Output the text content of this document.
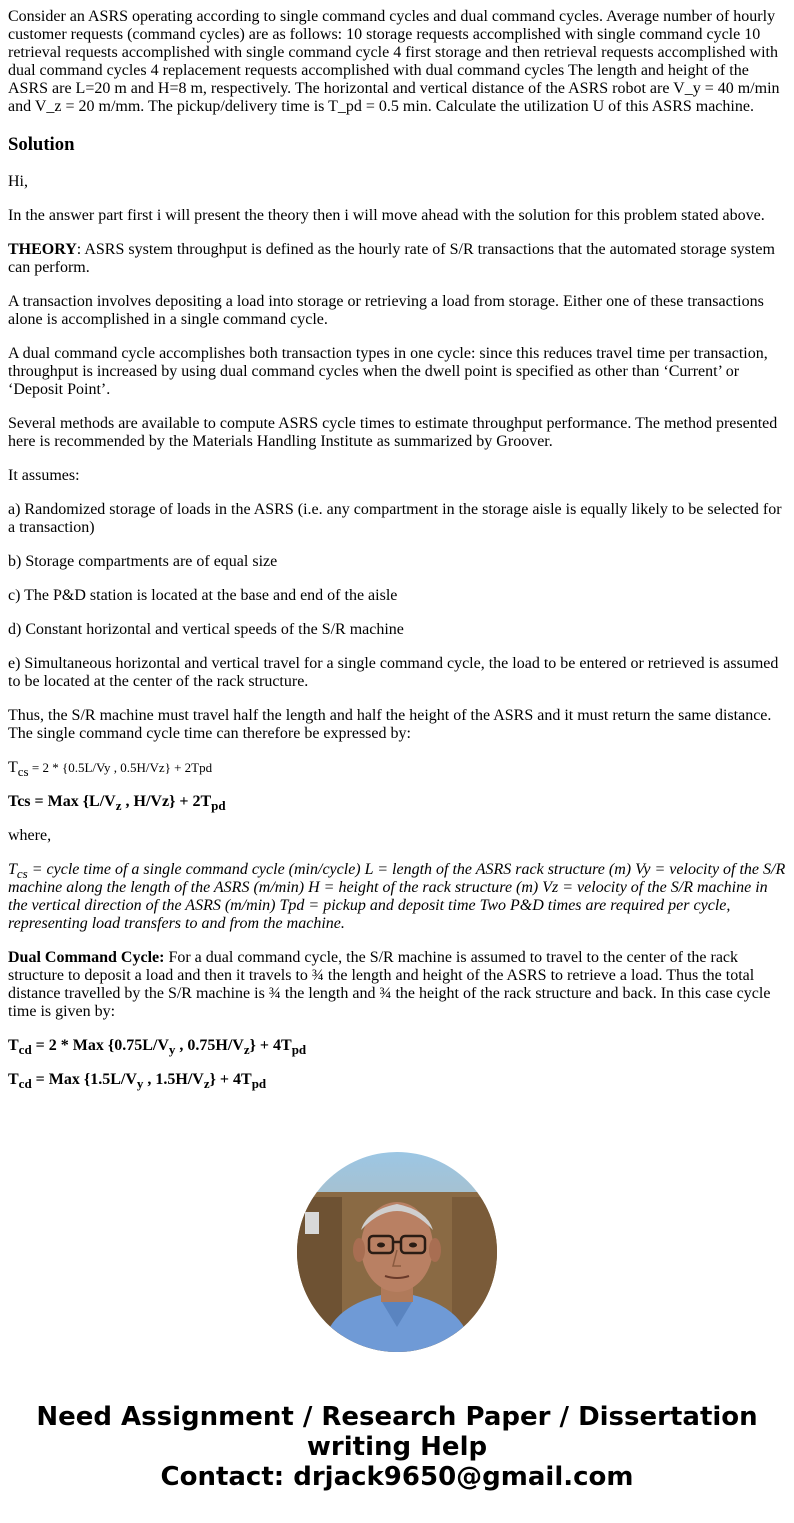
Consider an ASRS operating according to single command cycles and dual command cycles. Average number of hourly customer requests (command cycles) are as follows: 10 storage requests accomplished with single command cycle 10 retrieval requests accomplished with single command cycle 4 first storage and then retrieval requests accomplished with dual command cycles 4 replacement requests accomplished with dual command cycles The length and height of the ASRS are L=20 m and H=8 m, respectively. The horizontal and vertical distance of the ASRS robot are V_y = 40 m/min and V_z = 20 m/mm. The pickup/delivery time is T_pd = 0.5 min. Calculate the utilization U of this ASRS machine.

Solution

Hi,

In the answer part first i will present the theory then i will move ahead with the solution for this problem stated above.

THEORY: ASRS system throughput is defined as the hourly rate of S/R transactions that the automated storage system can perform.

A transaction involves depositing a load into storage or retrieving a load from storage. Either one of these transactions alone is accomplished in a single command cycle.

A dual command cycle accomplishes both transaction types in one cycle: since this reduces travel time per transaction, throughput is increased by using dual command cycles when the dwell point is specified as other than ‘Current’ or ‘Deposit Point’.

Several methods are available to compute ASRS cycle times to estimate throughput performance. The method presented here is recommended by the Materials Handling Institute as summarized by Groover.

It assumes:

a) Randomized storage of loads in the ASRS (i.e. any compartment in the storage aisle is equally likely to be selected for a transaction)

b) Storage compartments are of equal size

c) The P&D station is located at the base and end of the aisle

d) Constant horizontal and vertical speeds of the S/R machine

e) Simultaneous horizontal and vertical travel for a single command cycle, the load to be entered or retrieved is assumed to be located at the center of the rack structure.

Thus, the S/R machine must travel half the length and half the height of the ASRS and it must return the same distance. The single command cycle time can therefore be expressed by:

$T_{cs} = 2 * \{0.5L/Vy$ , 0.5H/Vz} + 2Tpd

Tcs = Max {$L/V_z$ , $H/Vz\} + 2T_{pd}$

where,

$T_{cs}$ = cycle time of a single command cycle (min/cycle) L = length of the ASRS rack structure (m) Vy = velocity of the S/R machine along the length of the ASRS (m/min) H = height of the rack structure (m) Vz = velocity of the S/R machine in the vertical direction of the ASRS (m/min) Tpd = pickup and deposit time Two P&D times are required per cycle, representing load transfers to and from the machine.

Dual Command Cycle: For a dual command cycle, the S/R machine is assumed to travel to the center of the rack structure to deposit a load and then it travels to ¾ the length and height of the ASRS to retrieve a load. Thus the total distance travelled by the S/R machine is ¾ the length and ¾ the height of the rack structure and back. In this case cycle time is given by:

$T_{cd} = 2$ * Max {$0.75L/V_y$ , $0.75H/V_z\} + 4T_{pd}$

$T_{cd}$ = Max {$1.5L/V_y$ , $1.5H/V_z\} + 4T_{pd}$

Need Assignment / Research Paper / Dissertation
writing Help
Contact: drjack9650@gmail.com
